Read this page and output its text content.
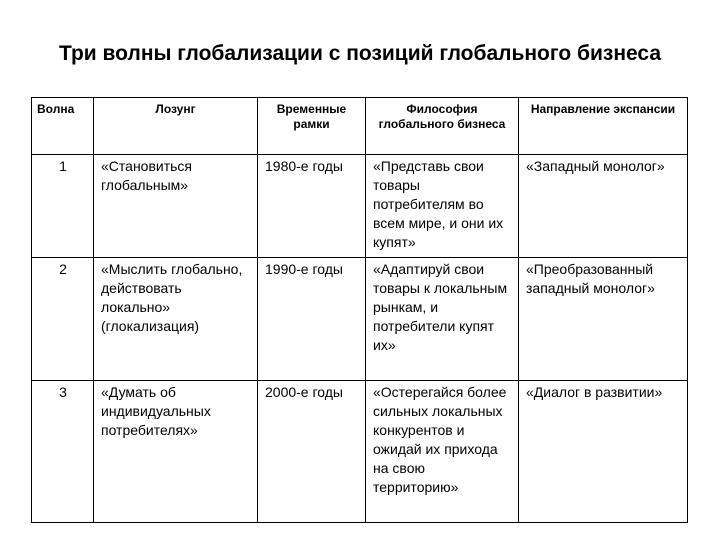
Три волны глобализации с позиций глобального бизнеса
Волна	Лозунг	Временные рамки	Философия глобального бизнеса	Направление экспансии
1	«Становиться глобальным»	1980-е годы	«Представь свои товары потребителям во всем мире, и они их купят»	«Западный монолог»
2	«Мыслить глобально, действовать локально» (глокализация)	1990-е годы	«Адаптируй свои товары к локальным рынкам, и потребители купят их»	«Преобразованный западный монолог»
3	«Думать об индивидуальных потребителях»	2000-е годы	«Остерегайся более сильных локальных конкурентов и ожидай их прихода на свою территорию»	«Диалог в развитии»
